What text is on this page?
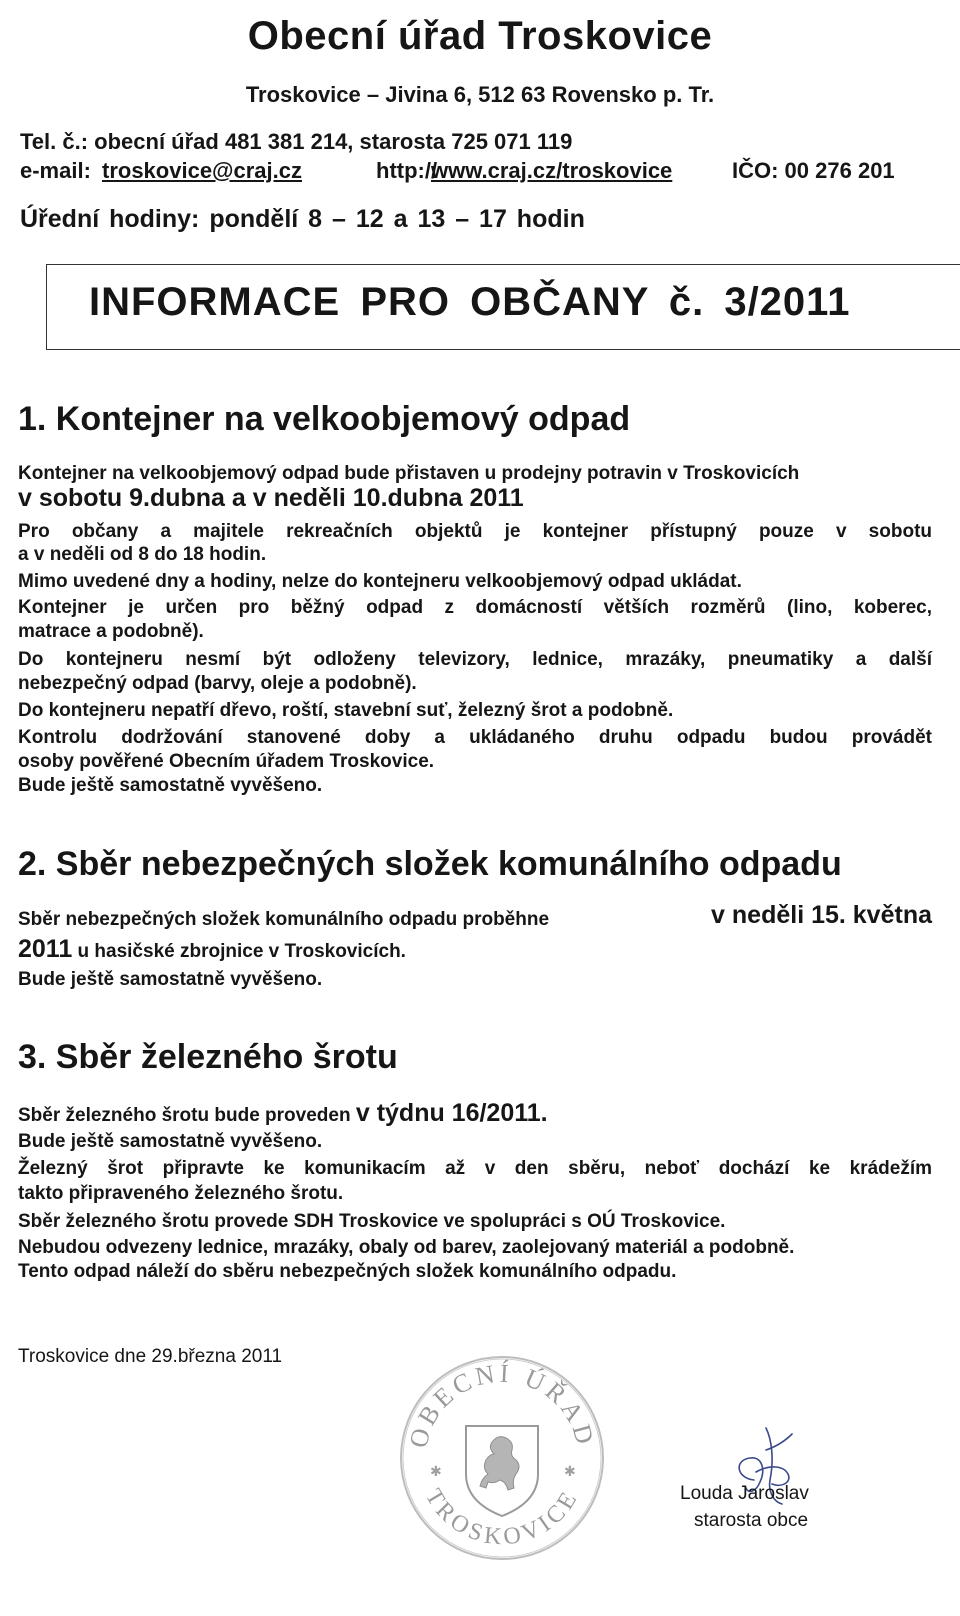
Obecní úřad Troskovice
Troskovice – Jivina 6, 512 63 Rovensko p. Tr.
Tel. č.: obecní úřad 481 381 214, starosta 725 071 119
e-mail: troskovice@craj.cz	http://
www.craj.cz/troskovice	IČO: 00 276 201
Úřední hodiny: pondělí 8 – 12 a 13 – 17 hodin
INFORMACE PRO OBČANY č. 3/2011
1. Kontejner na velkoobjemový odpad
Kontejner na velkoobjemový odpad bude přistaven u prodejny potravin v Troskovicích
v sobotu 9.dubna a v neděli 10.dubna 2011
Pro občany a majitele rekreačních objektů je kontejner přístupný pouze v sobotu
a v neděli od 8 do 18 hodin.
Mimo uvedené dny a hodiny, nelze do kontejneru velkoobjemový odpad ukládat.
Kontejner je určen pro běžný odpad z domácností větších rozměrů (lino, koberec,
matrace a podobně).
Do kontejneru nesmí být odloženy televizory, lednice, mrazáky, pneumatiky a další
nebezpečný odpad (barvy, oleje a podobně).
Do kontejneru nepatří dřevo, roští, stavební suť, železný šrot a podobně.
Kontrolu dodržování stanovené doby a ukládaného druhu odpadu budou provádět
osoby pověřené Obecním úřadem Troskovice.
Bude ještě samostatně vyvěšeno.
2. Sběr nebezpečných složek komunálního odpadu
Sběr nebezpečných složek komunálního odpadu proběhne	v neděli 15. května
2011 u hasičské zbrojnice v Troskovicích.
Bude ještě samostatně vyvěšeno.
3. Sběr železného šrotu
Sběr železného šrotu bude proveden v týdnu 16/2011.
Bude ještě samostatně vyvěšeno.
Železný šrot připravte ke komunikacím až v den sběru, neboť dochází ke krádežím
takto připraveného železného šrotu.
Sběr železného šrotu provede SDH Troskovice ve spolupráci s OÚ Troskovice.
Nebudou odvezeny lednice, mrazáky, obaly od barev, zaolejovaný materiál a podobně.
Tento odpad náleží do sběru nebezpečných složek komunálního odpadu.
Troskovice dne 29.března 2011
OBECNÍ ÚŘAD
TROSKOVICE
✱	✱
Louda Jaroslav
starosta obce
